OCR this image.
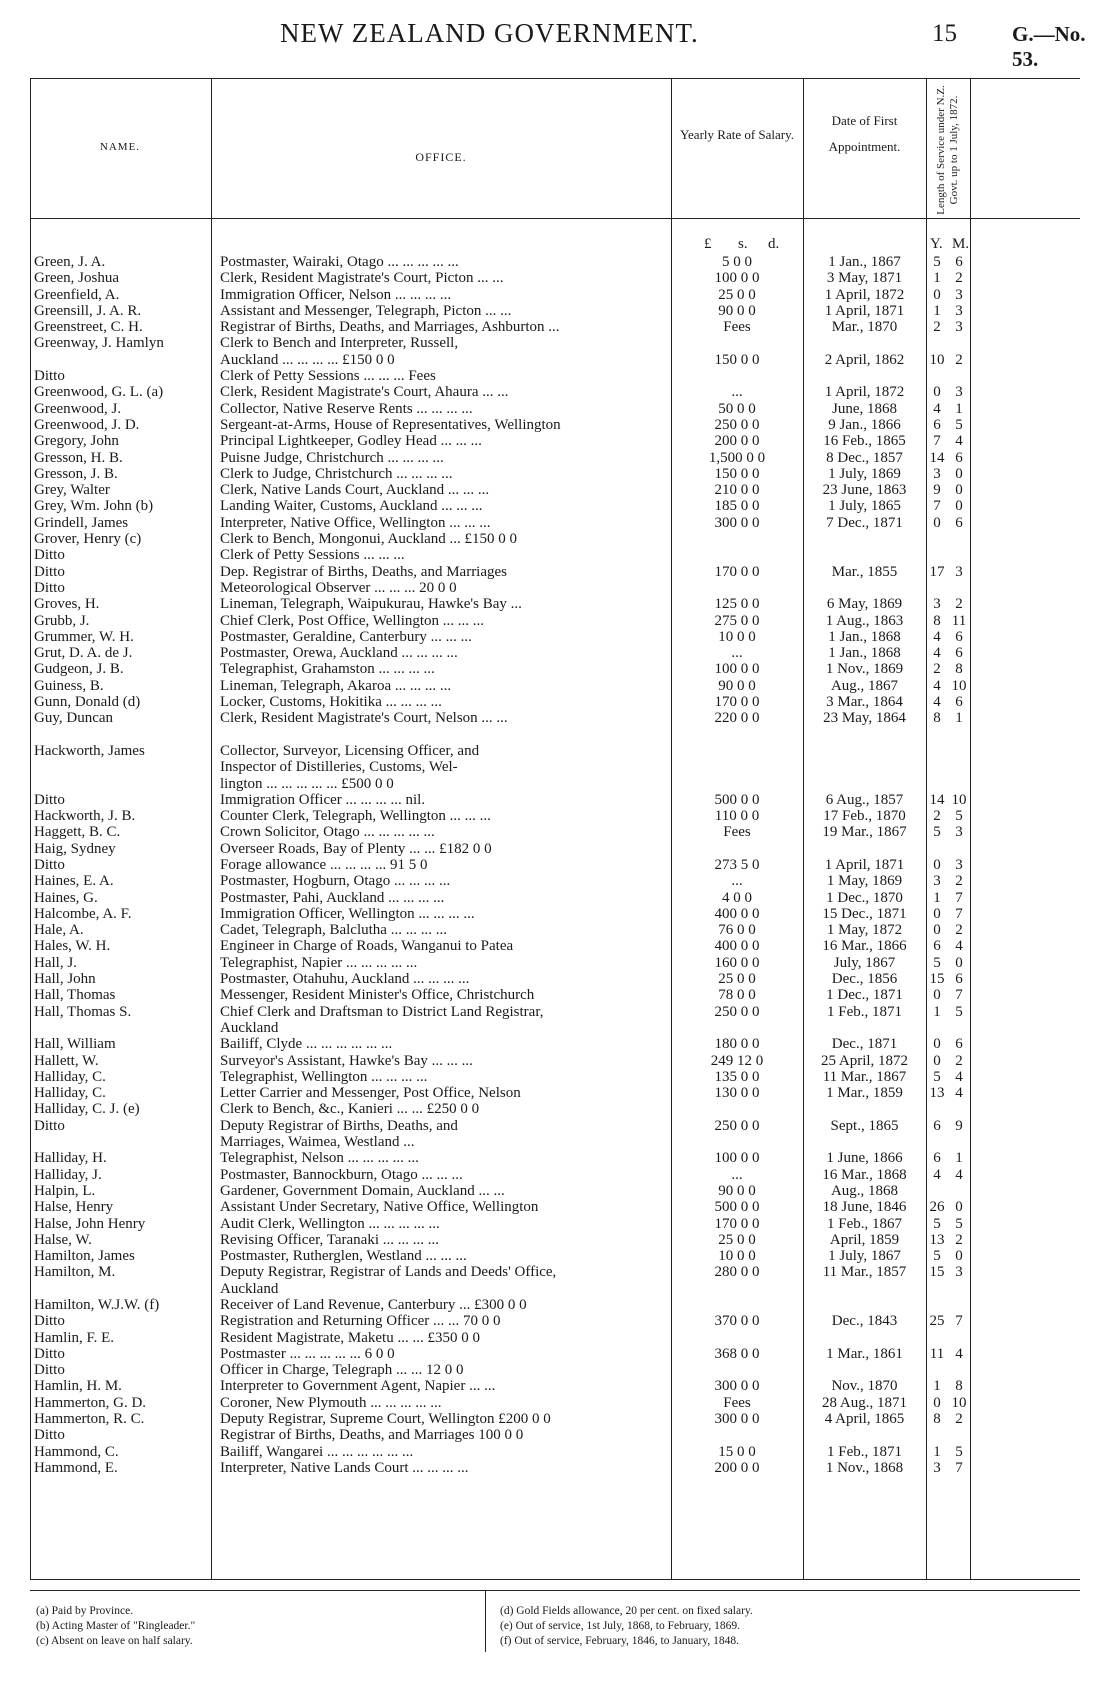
NEW ZEALAND GOVERNMENT.	15	G.—No. 53.
NAME.
OFFICE.
Yearly Rate of Salary.
Date of First Appointment.	Length of Service under N.Z. Govt. up to 1 July, 1872.
£ s. d.	Y. M.
Green, J. A.	Postmaster, Wairaki, Otago ... ... ... ... ...	5 0 0	1 Jan., 1867	5 6
Green, Joshua	Clerk, Resident Magistrate's Court, Picton ... ...	100 0 0	3 May, 1871	1 2
Greenfield, A.	Immigration Officer, Nelson ... ... ... ...	25 0 0	1 April, 1872	0 3
Greensill, J. A. R.	Assistant and Messenger, Telegraph, Picton ... ...	90 0 0	1 April, 1871	1 3
Greenstreet, C. H.	Registrar of Births, Deaths, and Marriages, Ashburton ...	Fees	Mar., 1870	2 3
Greenway, J. Hamlyn	Clerk to Bench and Interpreter, Russell,
Auckland ... ... ... ... £150 0 0	150 0 0	2 April, 1862	10 2
Ditto	Clerk of Petty Sessions ... ... ... Fees
Greenwood, G. L. (a)	Clerk, Resident Magistrate's Court, Ahaura ... ...	...	1 April, 1872	0 3
Greenwood, J.	Collector, Native Reserve Rents ... ... ... ...	50 0 0	June, 1868	4 1
Greenwood, J. D.	Sergeant-at-Arms, House of Representatives, Wellington	250 0 0	9 Jan., 1866	6 5
Gregory, John	Principal Lightkeeper, Godley Head ... ... ...	200 0 0	16 Feb., 1865	7 4
Gresson, H. B.	Puisne Judge, Christchurch ... ... ... ...	1,500 0 0	8 Dec., 1857	14 6
Gresson, J. B.	Clerk to Judge, Christchurch ... ... ... ...	150 0 0	1 July, 1869	3 0
Grey, Walter	Clerk, Native Lands Court, Auckland ... ... ...	210 0 0	23 June, 1863	9 0
Grey, Wm. John (b)	Landing Waiter, Customs, Auckland ... ... ...	185 0 0	1 July, 1865	7 0
Grindell, James	Interpreter, Native Office, Wellington ... ... ...	300 0 0	7 Dec., 1871	0 6
Grover, Henry (c)	Clerk to Bench, Mongonui, Auckland ... £150 0 0
Ditto	Clerk of Petty Sessions ... ... ...
Ditto	Dep. Registrar of Births, Deaths, and Marriages	170 0 0	Mar., 1855	17 3
Ditto	Meteorological Observer ... ... ... 20 0 0
Groves, H.	Lineman, Telegraph, Waipukurau, Hawke's Bay ...	125 0 0	6 May, 1869	3 2
Grubb, J.	Chief Clerk, Post Office, Wellington ... ... ...	275 0 0	1 Aug., 1863	8 11
Grummer, W. H.	Postmaster, Geraldine, Canterbury ... ... ...	10 0 0	1 Jan., 1868	4 6
Grut, D. A. de J.	Postmaster, Orewa, Auckland ... ... ... ...	...	1 Jan., 1868	4 6
Gudgeon, J. B.	Telegraphist, Grahamston ... ... ... ...	100 0 0	1 Nov., 1869	2 8
Guiness, B.	Lineman, Telegraph, Akaroa ... ... ... ...	90 0 0	Aug., 1867	4 10
Gunn, Donald (d)	Locker, Customs, Hokitika ... ... ... ...	170 0 0	3 Mar., 1864	4 6
Guy, Duncan	Clerk, Resident Magistrate's Court, Nelson ... ...	220 0 0	23 May, 1864	8 1
Hackworth, James	Collector, Surveyor, Licensing Officer, and
Inspector of Distilleries, Customs, Wel-
lington ... ... ... ... ... £500 0 0
Ditto	Immigration Officer ... ... ... ... nil.	500 0 0	6 Aug., 1857	14 10
Hackworth, J. B.	Counter Clerk, Telegraph, Wellington ... ... ...	110 0 0	17 Feb., 1870	2 5
Haggett, B. C.	Crown Solicitor, Otago ... ... ... ... ...	Fees	19 Mar., 1867	5 3
Haig, Sydney	Overseer Roads, Bay of Plenty ... ... £182 0 0
Ditto	Forage allowance ... ... ... ... 91 5 0	273 5 0	1 April, 1871	0 3
Haines, E. A.	Postmaster, Hogburn, Otago ... ... ... ...	...	1 May, 1869	3 2
Haines, G.	Postmaster, Pahi, Auckland ... ... ... ...	4 0 0	1 Dec., 1870	1 7
Halcombe, A. F.	Immigration Officer, Wellington ... ... ... ...	400 0 0	15 Dec., 1871	0 7
Hale, A.	Cadet, Telegraph, Balclutha ... ... ... ...	76 0 0	1 May, 1872	0 2
Hales, W. H.	Engineer in Charge of Roads, Wanganui to Patea	400 0 0	16 Mar., 1866	6 4
Hall, J.	Telegraphist, Napier ... ... ... ... ...	160 0 0	July, 1867	5 0
Hall, John	Postmaster, Otahuhu, Auckland ... ... ... ...	25 0 0	Dec., 1856	15 6
Hall, Thomas	Messenger, Resident Minister's Office, Christchurch	78 0 0	1 Dec., 1871	0 7
Hall, Thomas S.	Chief Clerk and Draftsman to District Land Registrar,	250 0 0	1 Feb., 1871	1 5
Auckland
Hall, William	Bailiff, Clyde ... ... ... ... ... ...	180 0 0	Dec., 1871	0 6
Hallett, W.	Surveyor's Assistant, Hawke's Bay ... ... ...	249 12 0	25 April, 1872	0 2
Halliday, C.	Telegraphist, Wellington ... ... ... ...	135 0 0	11 Mar., 1867	5 4
Halliday, C.	Letter Carrier and Messenger, Post Office, Nelson	130 0 0	1 Mar., 1859	13 4
Halliday, C. J. (e)	Clerk to Bench, &c., Kanieri ... ... £250 0 0
Ditto	Deputy Registrar of Births, Deaths, and	250 0 0	Sept., 1865	6 9
Marriages, Waimea, Westland ...
Halliday, H.	Telegraphist, Nelson ... ... ... ... ...	100 0 0	1 June, 1866	6 1
Halliday, J.	Postmaster, Bannockburn, Otago ... ... ...	...	16 Mar., 1868	4 4
Halpin, L.	Gardener, Government Domain, Auckland ... ...	90 0 0	Aug., 1868
Halse, Henry	Assistant Under Secretary, Native Office, Wellington	500 0 0	18 June, 1846	26 0
Halse, John Henry	Audit Clerk, Wellington ... ... ... ... ...	170 0 0	1 Feb., 1867	5 5
Halse, W.	Revising Officer, Taranaki ... ... ... ...	25 0 0	April, 1859	13 2
Hamilton, James	Postmaster, Rutherglen, Westland ... ... ...	10 0 0	1 July, 1867	5 0
Hamilton, M.	Deputy Registrar, Registrar of Lands and Deeds' Office,	280 0 0	11 Mar., 1857	15 3
Auckland
Hamilton, W.J.W. (f)	Receiver of Land Revenue, Canterbury ... £300 0 0
Ditto	Registration and Returning Officer ... ... 70 0 0	370 0 0	Dec., 1843	25 7
Hamlin, F. E.	Resident Magistrate, Maketu ... ... £350 0 0
Ditto	Postmaster ... ... ... ... ... 6 0 0	368 0 0	1 Mar., 1861	11 4
Ditto	Officer in Charge, Telegraph ... ... 12 0 0
Hamlin, H. M.	Interpreter to Government Agent, Napier ... ...	300 0 0	Nov., 1870	1 8
Hammerton, G. D.	Coroner, New Plymouth ... ... ... ... ...	Fees	28 Aug., 1871	0 10
Hammerton, R. C.	Deputy Registrar, Supreme Court, Wellington £200 0 0	300 0 0	4 April, 1865	8 2
Ditto	Registrar of Births, Deaths, and Marriages 100 0 0
Hammond, C.	Bailiff, Wangarei ... ... ... ... ... ...	15 0 0	1 Feb., 1871	1 5
Hammond, E.	Interpreter, Native Lands Court ... ... ... ...	200 0 0	1 Nov., 1868	3 7
(a) Paid by Province.
(b) Acting Master of "Ringleader."
(c) Absent on leave on half salary.
(d) Gold Fields allowance, 20 per cent. on fixed salary.
(e) Out of service, 1st July, 1868, to February, 1869.
(f) Out of service, February, 1846, to January, 1848.
